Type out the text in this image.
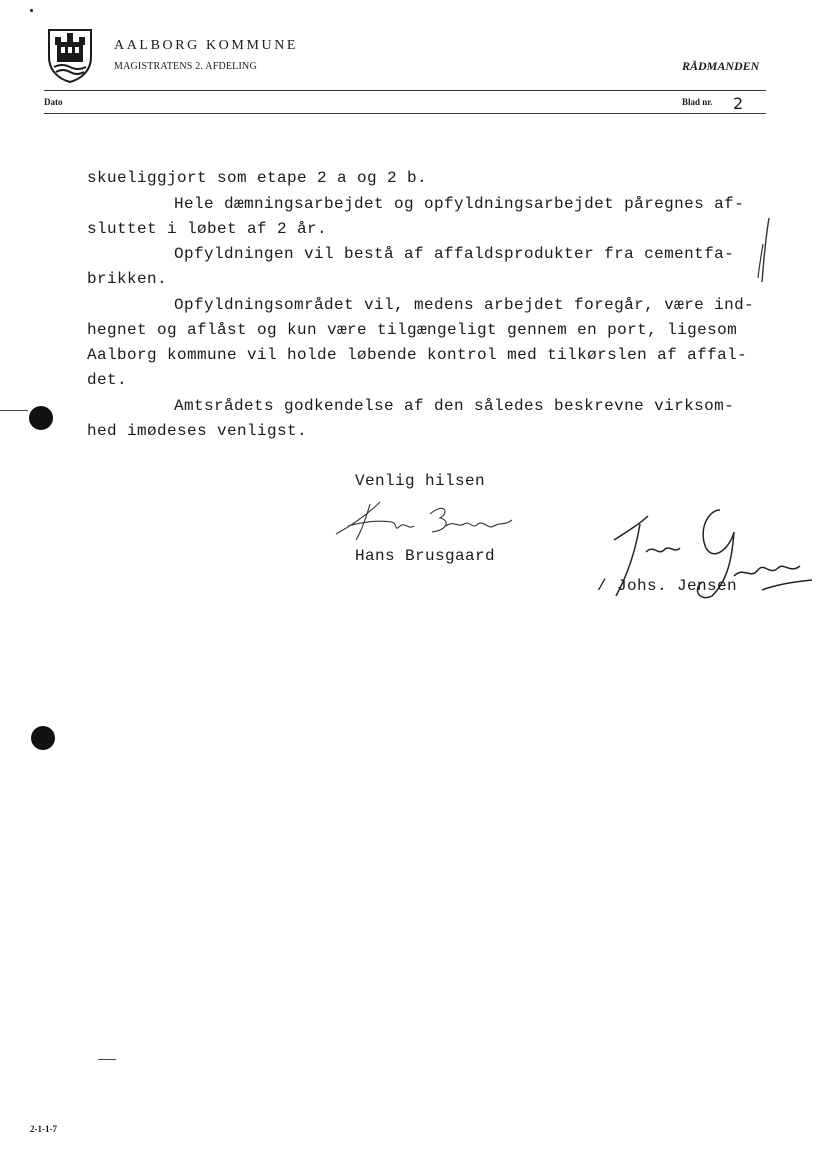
AALBORG KOMMUNE
MAGISTRATENS 2. AFDELING	RÅDMANDEN
Dato	Blad nr. 2
skueliggjort som etape 2 a og 2 b.
Hele dæmningsarbejdet og opfyldningsarbejdet påregnes af-
sluttet i løbet af 2 år.
Opfyldningen vil bestå af affaldsprodukter fra cementfa-
brikken.
Opfyldningsområdet vil, medens arbejdet foregår, være ind-
hegnet og aflåst og kun være tilgængeligt gennem en port, ligesom
Aalborg kommune vil holde løbende kontrol med tilkørslen af affal-
det.
Amtsrådets godkendelse af den således beskrevne virksom-
hed imødeses venligst.
Venlig hilsen
Hans Brusgaard
/ Johs. Jensen
2-1-1-7
